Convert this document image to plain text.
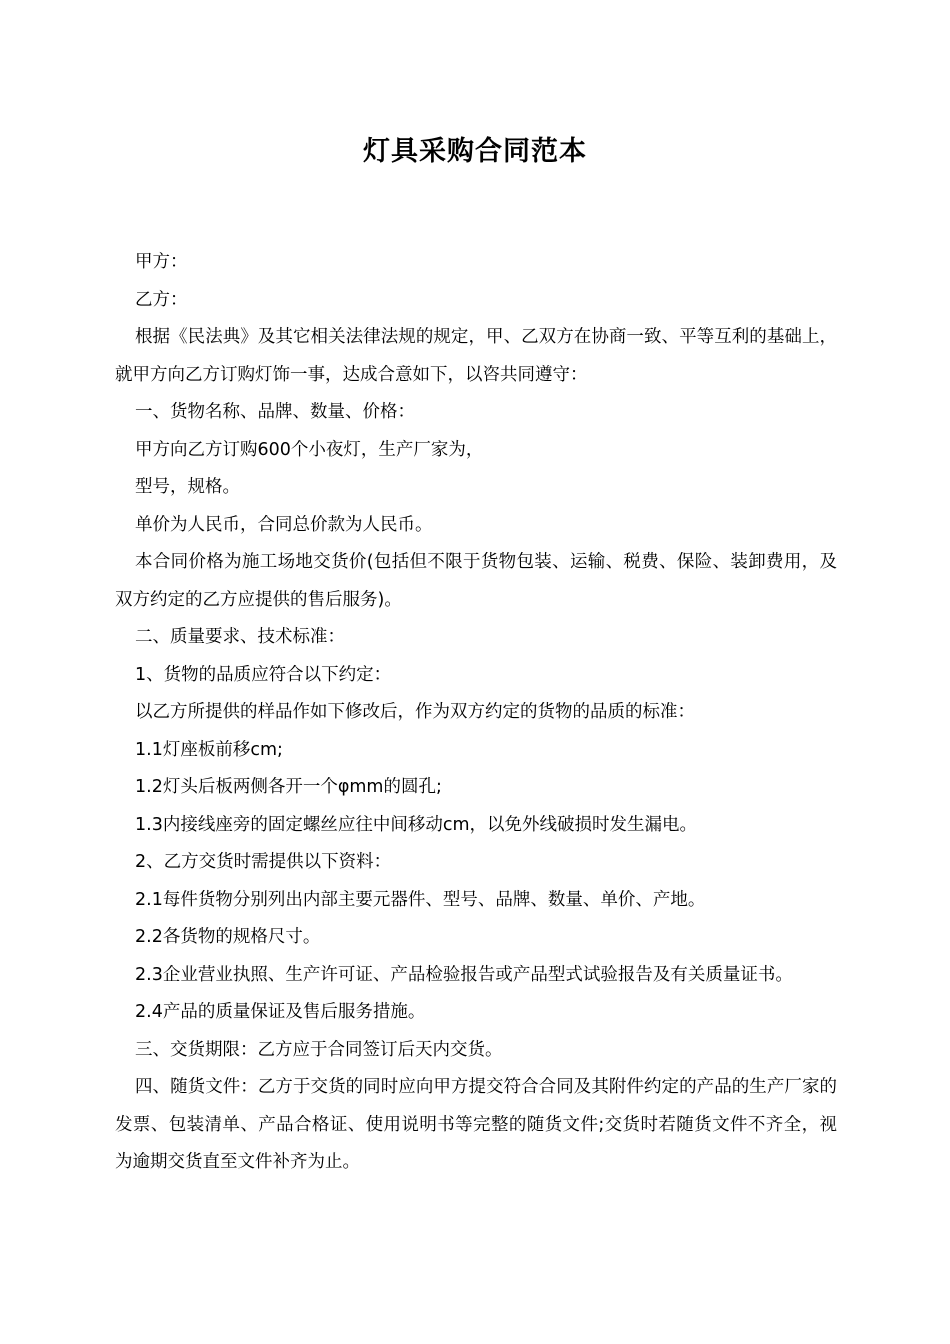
灯具采购合同范本

甲方：

乙方：

根据《民法典》及其它相关法律法规的规定，甲、乙双方在协商一致、平等互利的基础上，就甲方向乙方订购灯饰一事，达成合意如下，以咨共同遵守：

一、货物名称、品牌、数量、价格：

甲方向乙方订购600个小夜灯，生产厂家为，

型号，规格。

单价为人民币，合同总价款为人民币。

本合同价格为施工场地交货价(包括但不限于货物包装、运输、税费、保险、装卸费用，及双方约定的乙方应提供的售后服务)。

二、质量要求、技术标准：

1、货物的品质应符合以下约定：

以乙方所提供的样品作如下修改后，作为双方约定的货物的品质的标准：

1.1灯座板前移cm;

1.2灯头后板两侧各开一个φmm的圆孔;

1.3内接线座旁的固定螺丝应往中间移动cm，以免外线破损时发生漏电。

2、乙方交货时需提供以下资料：

2.1每件货物分别列出内部主要元器件、型号、品牌、数量、单价、产地。

2.2各货物的规格尺寸。

2.3企业营业执照、生产许可证、产品检验报告或产品型式试验报告及有关质量证书。

2.4产品的质量保证及售后服务措施。

三、交货期限：乙方应于合同签订后天内交货。

四、随货文件：乙方于交货的同时应向甲方提交符合合同及其附件约定的产品的生产厂家的发票、包装清单、产品合格证、使用说明书等完整的随货文件;交货时若随货文件不齐全，视为逾期交货直至文件补齐为止。
